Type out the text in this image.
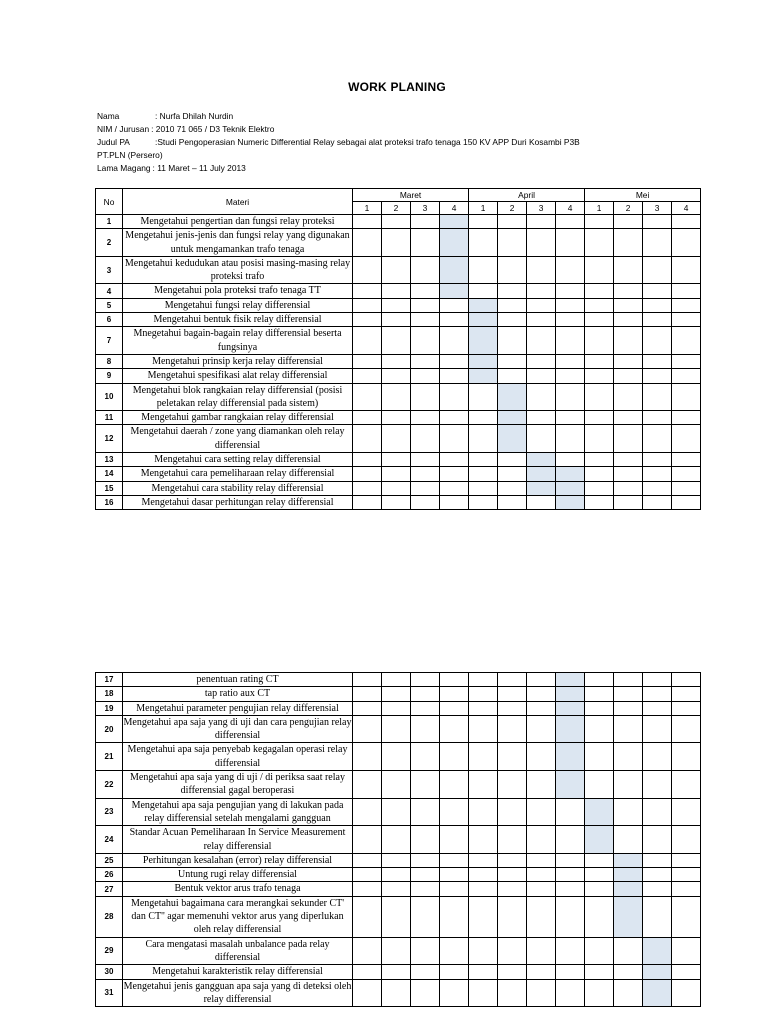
WORK PLANING
Nama	: Nurfa Dhilah Nurdin
NIM / Jurusan : 2010 71 065 / D3 Teknik Elektro
Judul PA	:Studi Pengoperasian Numeric Differential Relay sebagai alat proteksi trafo tenaga 150 KV APP Duri Kosambi P3B
PT.PLN (Persero)
Lama Magang : 11 Maret – 11 July 2013
No	Materi	Maret				April				Mei			
		1	2	3	4	1	2	3	4	1	2	3	4
1	Mengetahui pengertian dan fungsi relay proteksi												
2	Mengetahui jenis-jenis dan fungsi relay yang digunakan untuk mengamankan trafo tenaga												
3	Mengetahui kedudukan atau posisi masing-masing relay proteksi trafo												
4	Mengetahui pola proteksi trafo tenaga TT												
5	Mengetahui fungsi relay differensial												
6	Mengetahui bentuk fisik relay differensial												
7	Mnegetahui bagain-bagain relay differensial beserta fungsinya												
8	Mengetahui prinsip kerja relay differensial												
9	Mengetahui spesifikasi alat relay differensial												
10	Mengetahui blok rangkaian relay differensial (posisi peletakan relay differensial pada sistem)												
11	Mengetahui gambar rangkaian relay differensial												
12	Mengetahui daerah / zone yang diamankan oleh relay differensial												
13	Mengetahui cara setting relay differensial												
14	Mengetahui cara pemeliharaan relay differensial												
15	Mengetahui cara stability relay differensial												
16	Mengetahui dasar perhitungan relay differensial												
17	penentuan rating CT												
18	tap ratio aux CT												
19	Mengetahui parameter pengujian relay differensial												
20	Mengetahui apa saja yang di uji dan cara pengujian relay differensial												
21	Mengetahui apa saja penyebab kegagalan operasi relay differensial												
22	Mengetahui apa saja yang di uji / di periksa saat relay differensial gagal beroperasi												
23	Mengetahui apa saja pengujian yang di lakukan pada relay differensial setelah mengalami gangguan												
24	Standar Acuan Pemeliharaan In Service Measurement relay differensial												
25	Perhitungan kesalahan (error) relay differensial												
26	Untung rugi relay differensial												
27	Bentuk vektor arus trafo tenaga												
28	Mengetahui bagaimana cara merangkai sekunder CT' dan CT'' agar memenuhi vektor arus yang diperlukan oleh relay differensial												
29	Cara mengatasi masalah unbalance pada relay differensial												
30	Mengetahui karakteristik relay differensial												
31	Mengetahui jenis gangguan apa saja yang di deteksi oleh relay differensial												
